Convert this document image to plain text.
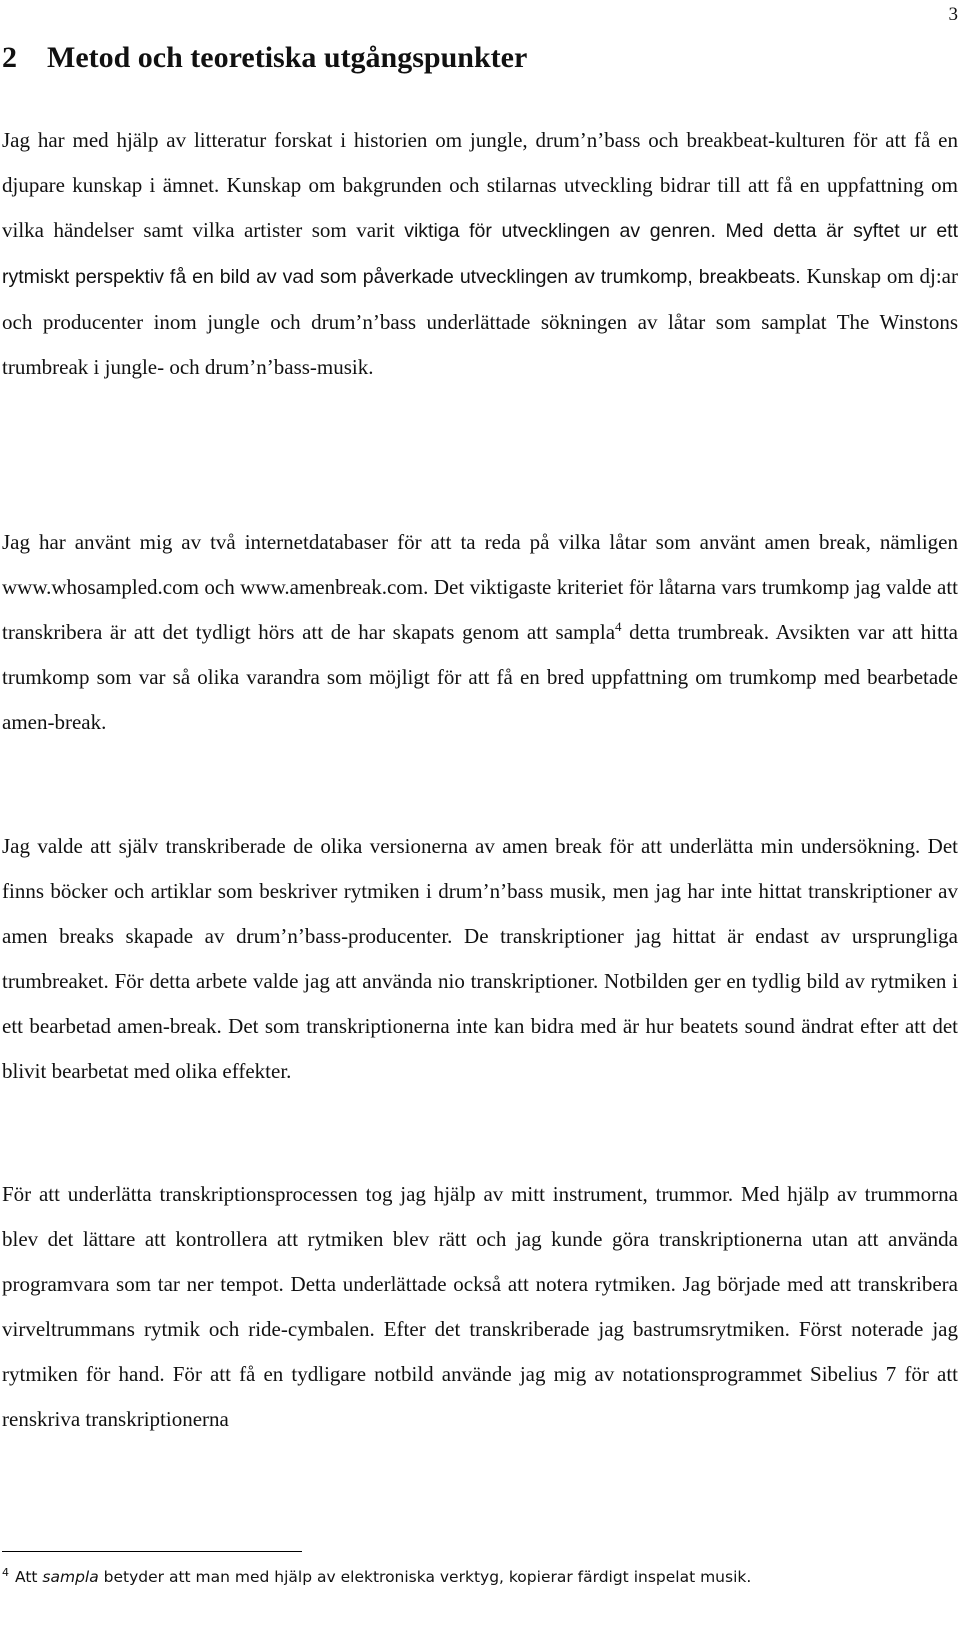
3
2 Metod och teoretiska utgångspunkter

Jag har med hjälp av litteratur forskat i historien om jungle, drum’n’bass och breakbeat-kulturen för att få en djupare kunskap i ämnet. Kunskap om bakgrunden och stilarnas utveckling bidrar till att få en uppfattning om vilka händelser samt vilka artister som varit viktiga för utvecklingen av genren. Med detta är syftet ur ett rytmiskt perspektiv få en bild av vad som påverkade utvecklingen av trumkomp, breakbeats. Kunskap om dj:ar och producenter inom jungle och drum’n’bass underlättade sökningen av låtar som samplat The Winstons trumbreak i jungle- och drum’n’bass-musik.

Jag har använt mig av två internetdatabaser för att ta reda på vilka låtar som använt amen break, nämligen www.whosampled.com och www.amenbreak.com. Det viktigaste kriteriet för låtarna vars trumkomp jag valde att transkribera är att det tydligt hörs att de har skapats genom att sampla$^4$ detta trumbreak. Avsikten var att hitta trumkomp som var så olika varandra som möjligt för att få en bred uppfattning om trumkomp med bearbetade amen-break.

Jag valde att själv transkriberade de olika versionerna av amen break för att underlätta min undersökning. Det finns böcker och artiklar som beskriver rytmiken i drum’n’bass musik, men jag har inte hittat transkriptioner av amen breaks skapade av drum’n’bass-producenter. De transkriptioner jag hittat är endast av ursprungliga trumbreaket. För detta arbete valde jag att använda nio transkriptioner. Notbilden ger en tydlig bild av rytmiken i ett bearbetad amen-break. Det som transkriptionerna inte kan bidra med är hur beatets sound ändrat efter att det blivit bearbetat med olika effekter.

För att underlätta transkriptionsprocessen tog jag hjälp av mitt instrument, trummor. Med hjälp av trummorna blev det lättare att kontrollera att rytmiken blev rätt och jag kunde göra transkriptionerna utan att använda programvara som tar ner tempot. Detta underlättade också att notera rytmiken. Jag började med att transkribera virveltrummans rytmik och ride-cymbalen. Efter det transkriberade jag bastrumsrytmiken. Först noterade jag rytmiken för hand. För att få en tydligare notbild använde jag mig av notationsprogrammet Sibelius 7 för att renskriva transkriptionerna

$^4$ Att sampla betyder att man med hjälp av elektroniska verktyg, kopierar färdigt inspelat musik.
